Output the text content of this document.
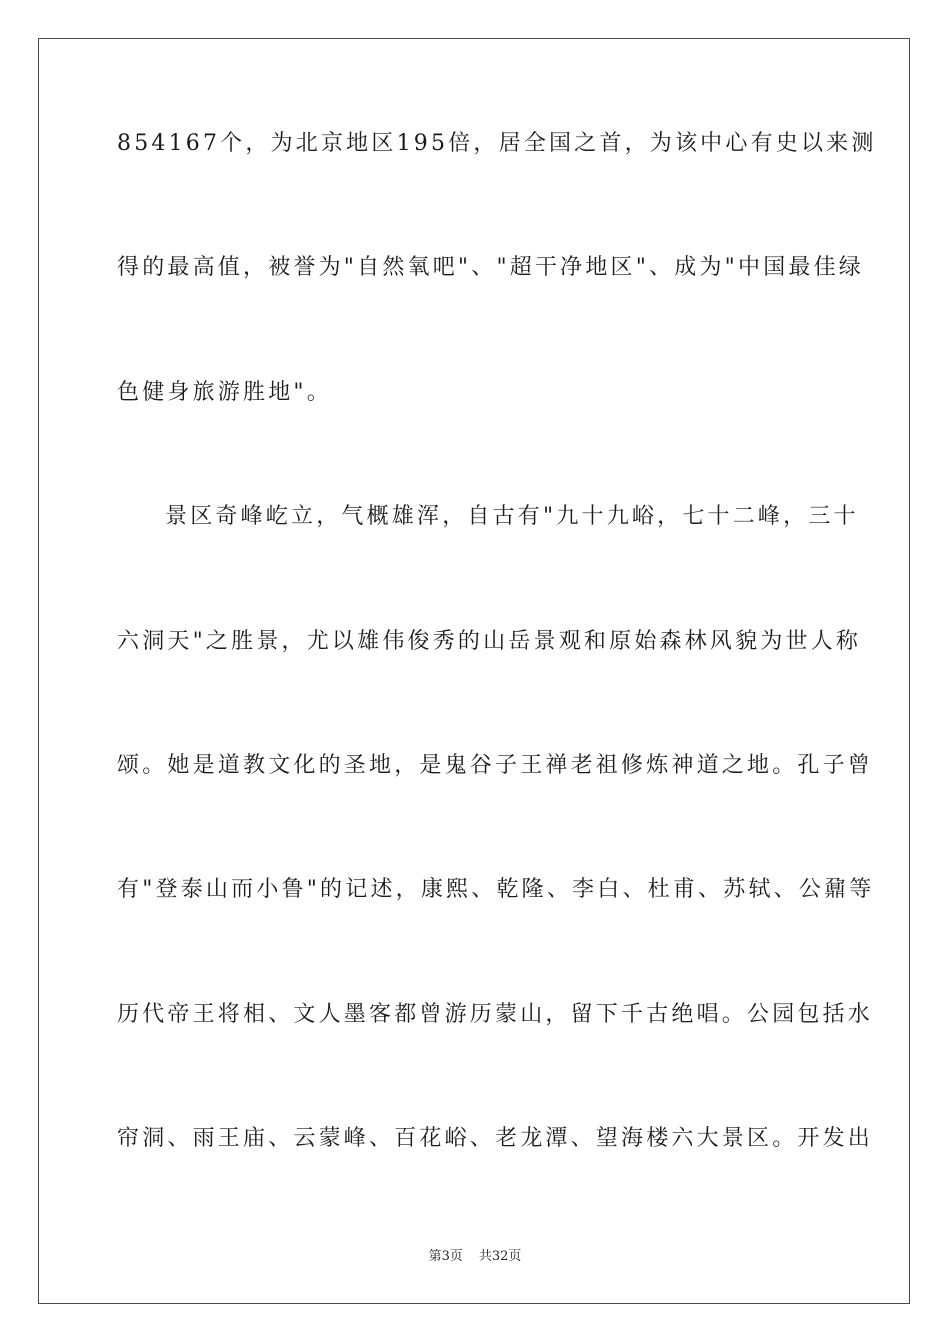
854167个，为北京地区195倍，居全国之首，为该中心有史以来测
得的最高值，被誉为"自然氧吧"、"超干净地区"、成为"中国最佳绿
色健身旅游胜地"。
景区奇峰屹立，气概雄浑，自古有"九十九峪，七十二峰，三十
六洞天"之胜景，尤以雄伟俊秀的山岳景观和原始森林风貌为世人称
颂。她是道教文化的圣地，是鬼谷子王禅老祖修炼神道之地。孔子曾
有"登泰山而小鲁"的记述，康熙、乾隆、李白、杜甫、苏轼、公鼐等
历代帝王将相、文人墨客都曾游历蒙山，留下千古绝唱。公园包括水
帘洞、雨王庙、云蒙峰、百花峪、老龙潭、望海楼六大景区。开发出
第3页 共32页
